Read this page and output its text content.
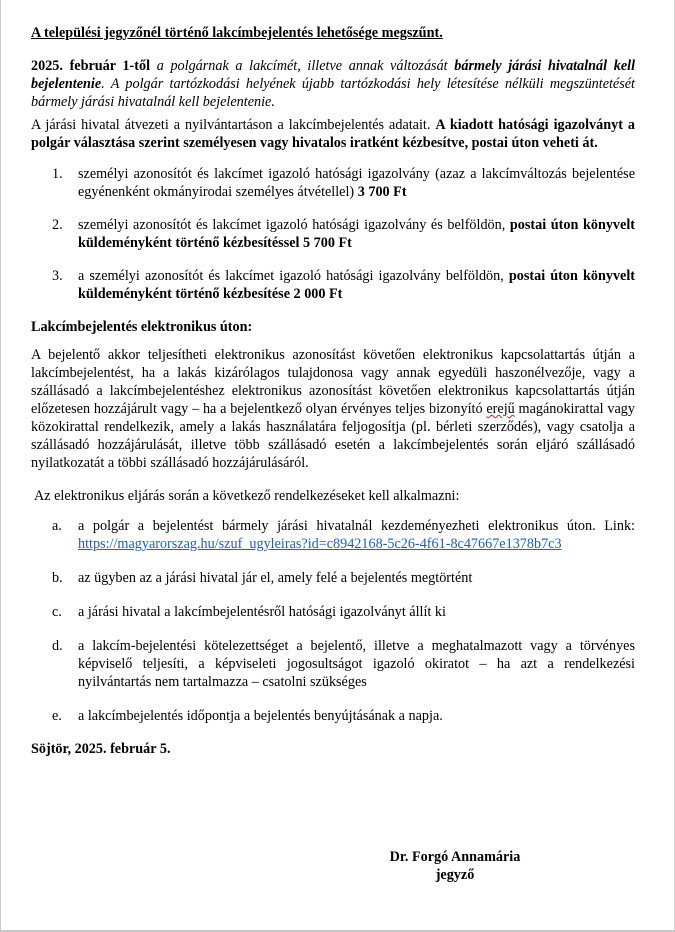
A települési jegyzőnél történő lakcímbejelentés lehetősége megszűnt.

2025. február 1-től a polgárnak a lakcímét, illetve annak változását bármely járási hivatalnál kell bejelentenie. A polgár tartózkodási helyének újabb tartózkodási hely létesítése nélküli megszüntetését bármely járási hivatalnál kell bejelentenie.

A járási hivatal átvezeti a nyilvántartáson a lakcímbejelentés adatait. A kiadott hatósági igazolványt a polgár választása szerint személyesen vagy hivatalos iratként kézbesítve, postai úton veheti át.

1. személyi azonosítót és lakcímet igazoló hatósági igazolvány (azaz a lakcímváltozás bejelentése egyénenként okmányirodai személyes átvétellel) 3 700 Ft
2. személyi azonosítót és lakcímet igazoló hatósági igazolvány és belföldön, postai úton könyvelt küldeményként történő kézbesítéssel 5 700 Ft
3. a személyi azonosítót és lakcímet igazoló hatósági igazolvány belföldön, postai úton könyvelt küldeményként történő kézbesítése 2 000 Ft

Lakcímbejelentés elektronikus úton:

A bejelentő akkor teljesítheti elektronikus azonosítást követően elektronikus kapcsolattartás útján a lakcímbejelentést, ha a lakás kizárólagos tulajdonosa vagy annak egyedüli haszonélvezője, vagy a szállásadó a lakcímbejelentéshez elektronikus azonosítást követően elektronikus kapcsolattartás útján előzetesen hozzájárult vagy – ha a bejelentkező olyan érvényes teljes bizonyító erejű magánokirattal vagy közokirattal rendelkezik, amely a lakás használatára feljogosítja (pl. bérleti szerződés), vagy csatolja a szállásadó hozzájárulását, illetve több szállásadó esetén a lakcímbejelentés során eljáró szállásadó nyilatkozatát a többi szállásadó hozzájárulásáról.

Az elektronikus eljárás során a következő rendelkezéseket kell alkalmazni:

a. a polgár a bejelentést bármely járási hivatalnál kezdeményezheti elektronikus úton. Link: https://magyarorszag.hu/szuf_ugyleiras?id=c8942168-5c26-4f61-8c47667e1378b7c3
b. az ügyben az a járási hivatal jár el, amely felé a bejelentés megtörtént
c. a járási hivatal a lakcímbejelentésről hatósági igazolványt állít ki
d. a lakcím-bejelentési kötelezettséget a bejelentő, illetve a meghatalmazott vagy a törvényes képviselő teljesíti, a képviseleti jogosultságot igazoló okiratot – ha azt a rendelkezési nyilvántartás nem tartalmazza – csatolni szükséges
e. a lakcímbejelentés időpontja a bejelentés benyújtásának a napja.

Söjtör, 2025. február 5.

Dr. Forgó Annamária
jegyző
